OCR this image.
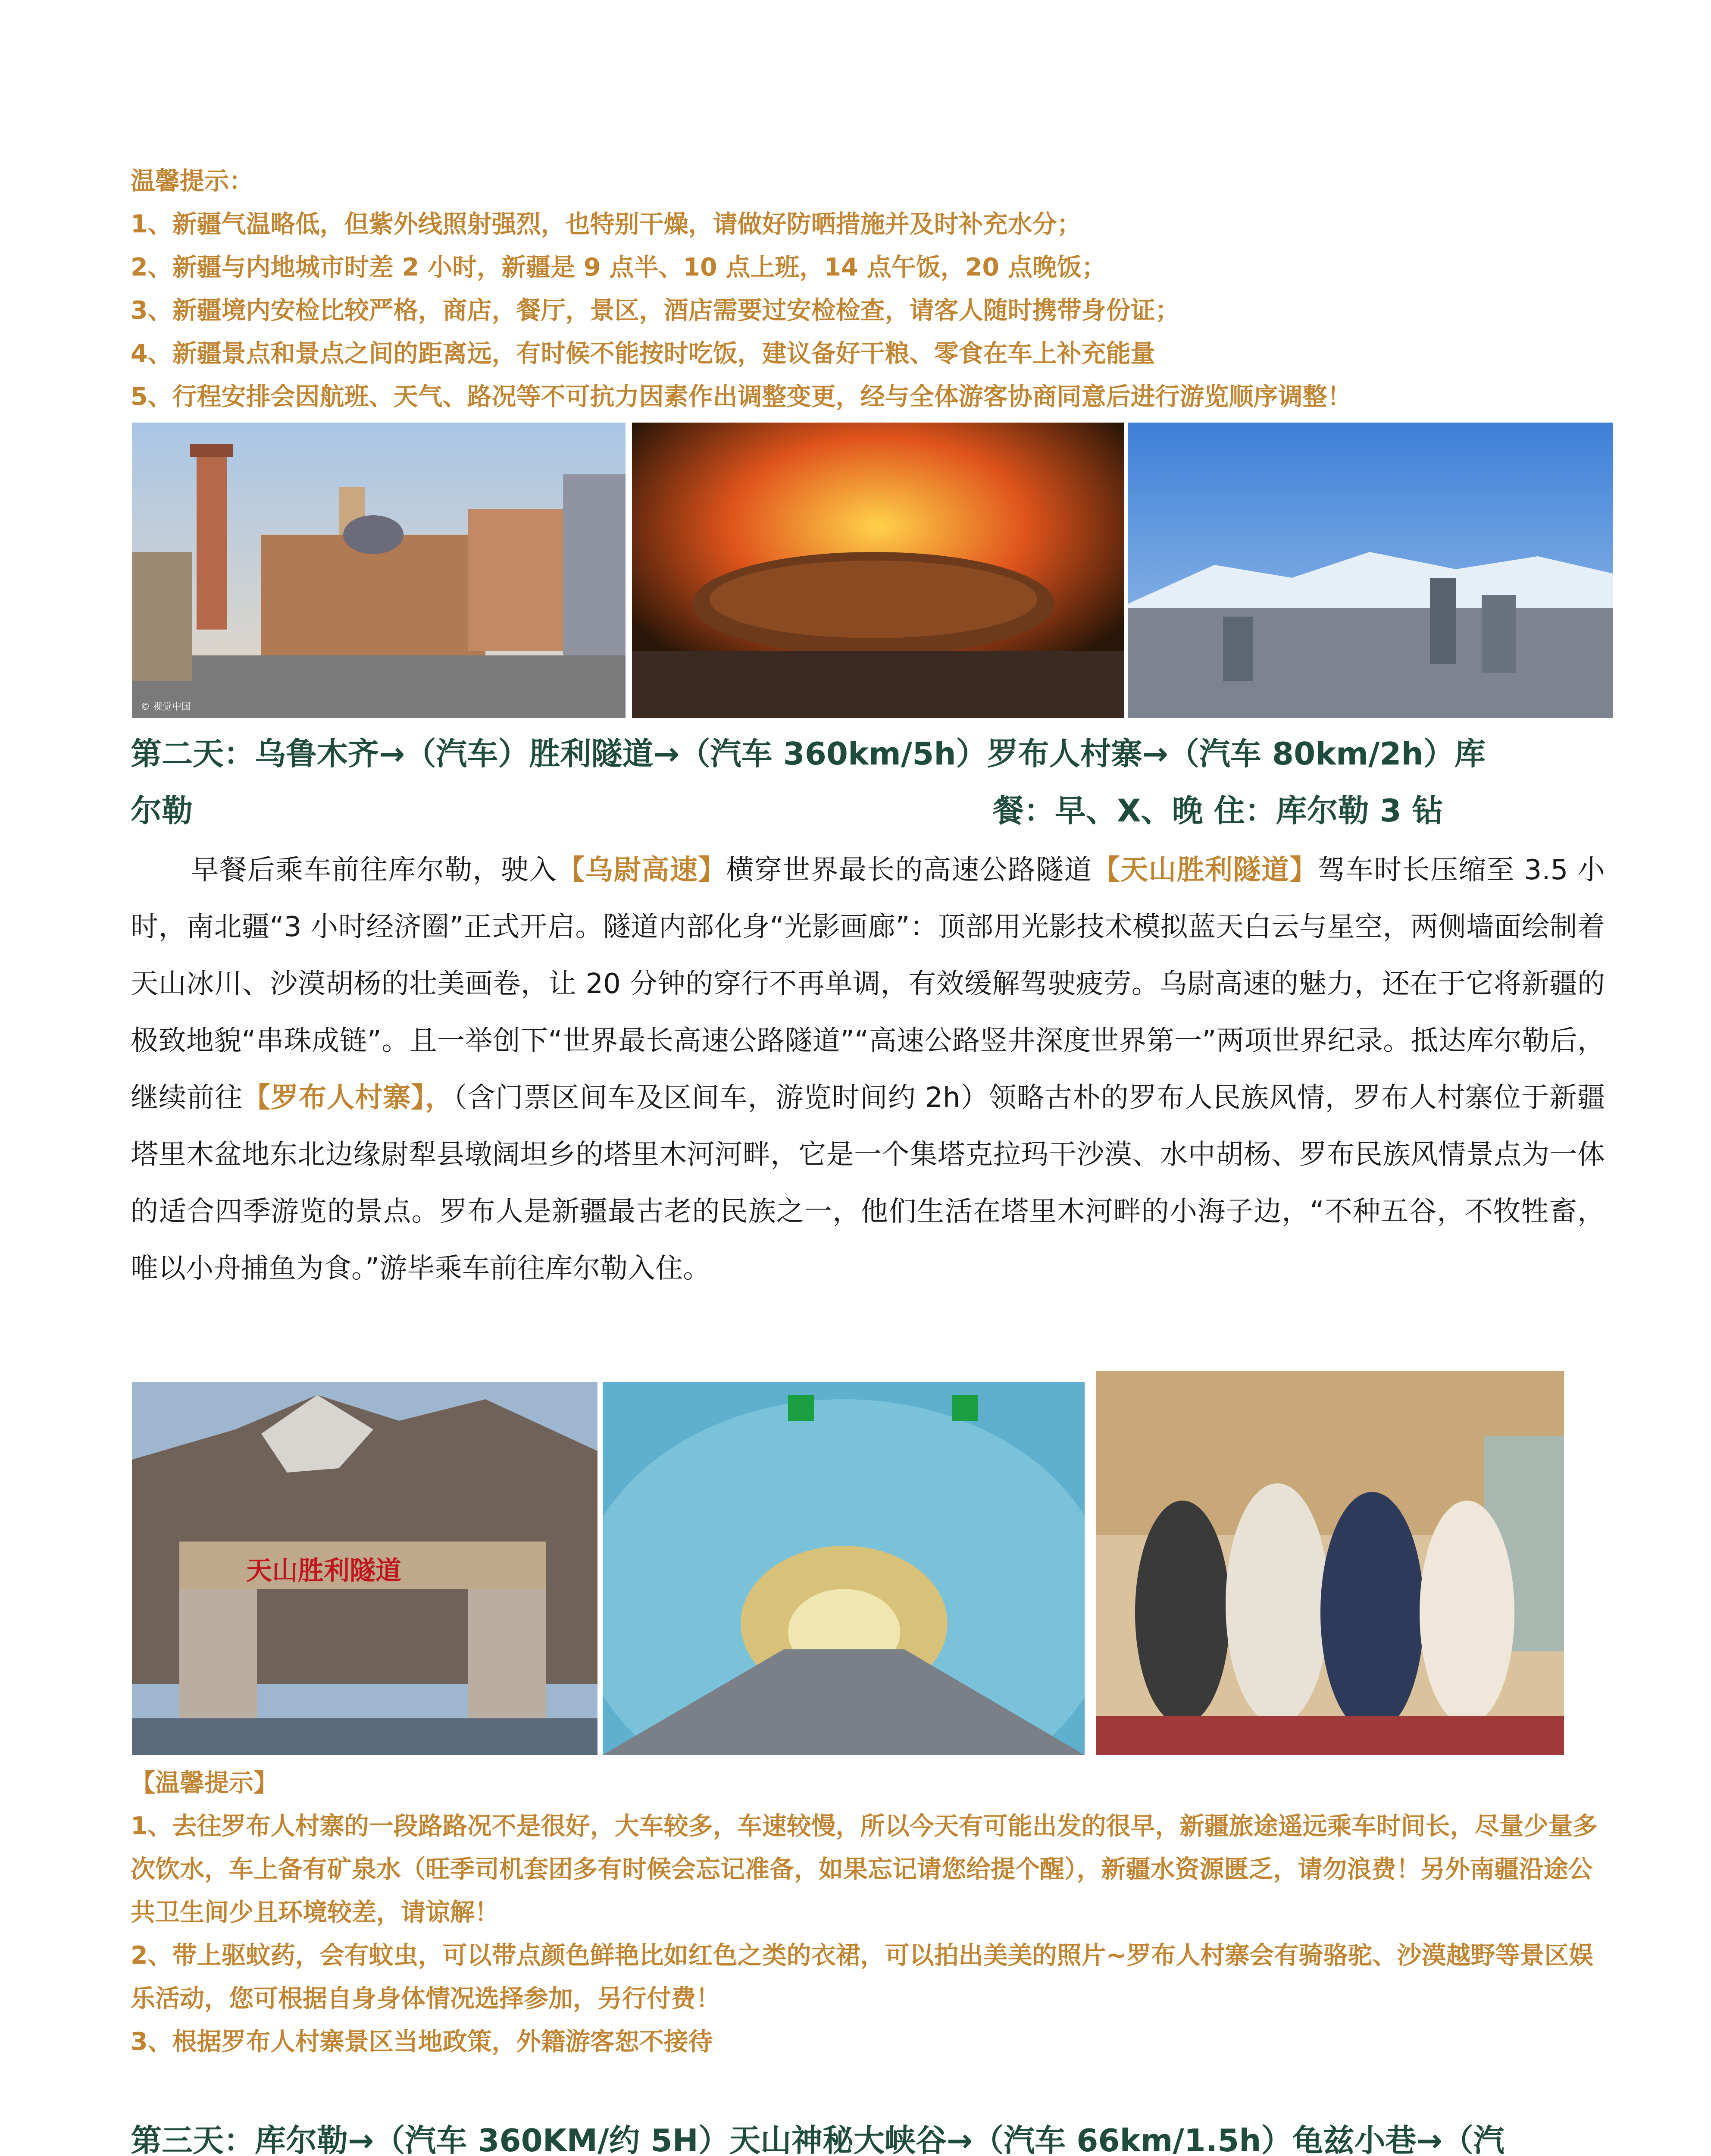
温馨提示：
1、新疆气温略低，但紫外线照射强烈，也特别干燥，请做好防晒措施并及时补充水分；
2、新疆与内地城市时差 2 小时，新疆是 9 点半、10 点上班，14 点午饭，20 点晚饭；
3、新疆境内安检比较严格，商店，餐厅，景区，酒店需要过安检检查，请客人随时携带身份证；
4、新疆景点和景点之间的距离远，有时候不能按时吃饭，建议备好干粮、零食在车上补充能量
5、行程安排会因航班、天气、路况等不可抗力因素作出调整变更，经与全体游客协商同意后进行游览顺序调整！
© 视觉中国
第二天：乌鲁木齐→（汽车）胜利隧道→（汽车 360km/5h）罗布人村寨→（汽车 80km/2h）库
尔勒	餐：早、X、晚 住：库尔勒 3 钻
早餐后乘车前往库尔勒，驶入【乌尉高速】横穿世界最长的高速公路隧道【天山胜利隧道】驾车时长压缩至 3.5 小时，南北疆“3 小时经济圈”正式开启。隧道内部化身“光影画廊”：顶部用光影技术模拟蓝天白云与星空，两侧墙面绘制着天山冰川、沙漠胡杨的壮美画卷，让 20 分钟的穿行不再单调，有效缓解驾驶疲劳。乌尉高速的魅力，还在于它将新疆的极致地貌“串珠成链”。且一举创下“世界最长高速公路隧道”“高速公路竖井深度世界第一”两项世界纪录。抵达库尔勒后，继续前往【罗布人村寨】，（含门票区间车及区间车，游览时间约 2h）领略古朴的罗布人民族风情，罗布人村寨位于新疆塔里木盆地东北边缘尉犁县墩阔坦乡的塔里木河河畔，它是一个集塔克拉玛干沙漠、水中胡杨、罗布民族风情景点为一体的适合四季游览的景点。罗布人是新疆最古老的民族之一，他们生活在塔里木河畔的小海子边，“不种五谷，不牧牲畜，唯以小舟捕鱼为食。”游毕乘车前往库尔勒入住。
天山胜利隧道
【温馨提示】
1、去往罗布人村寨的一段路路况不是很好，大车较多，车速较慢，所以今天有可能出发的很早，新疆旅途遥远乘车时间长，尽量少量多次饮水，车上备有矿泉水（旺季司机套团多有时候会忘记准备，如果忘记请您给提个醒），新疆水资源匮乏，请勿浪费！另外南疆沿途公共卫生间少且环境较差，请谅解！
2、带上驱蚊药，会有蚊虫，可以带点颜色鲜艳比如红色之类的衣裙，可以拍出美美的照片~罗布人村寨会有骑骆驼、沙漠越野等景区娱乐活动，您可根据自身身体情况选择参加，另行付费！
3、根据罗布人村寨景区当地政策，外籍游客恕不接待
第三天：库尔勒→（汽车 360KM/约 5H）天山神秘大峡谷→（汽车 66km/1.5h）龟兹小巷→（汽
